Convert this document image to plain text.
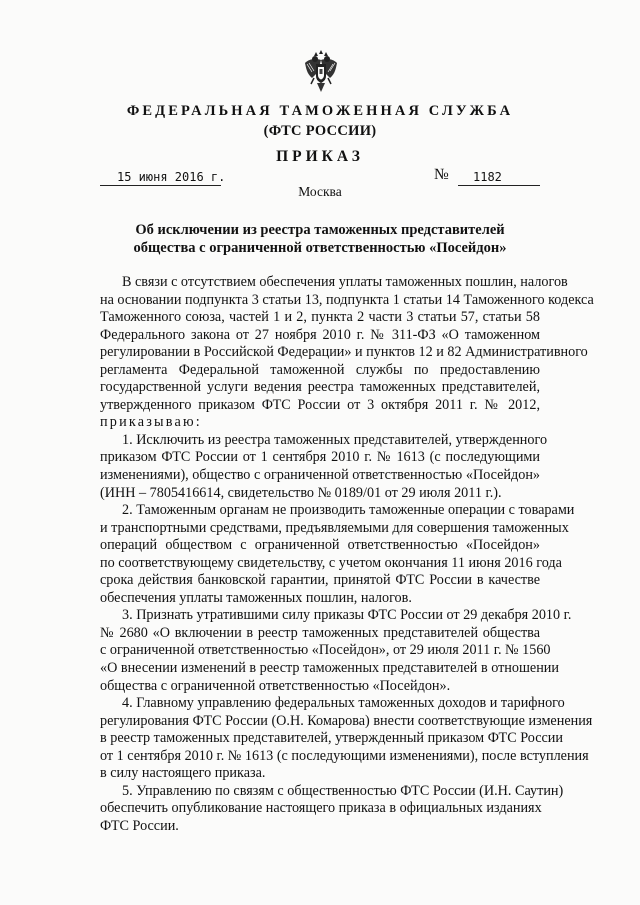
ФЕДЕРАЛЬНАЯ ТАМОЖЕННАЯ СЛУЖБА
(ФТС РОССИИ)
ПРИКАЗ
15 июня 2016 г.	№ 1182
Москва
Об исключении из реестра таможенных представителей
общества с ограниченной ответственностью «Посейдон»
В связи с отсутствием обеспечения уплаты таможенных пошлин, налогов
на основании подпункта 3 статьи 13, подпункта 1 статьи 14 Таможенного кодекса
Таможенного союза, частей 1 и 2, пункта 2 части 3 статьи 57, статьи 58
Федерального закона от 27 ноября 2010 г. № 311-ФЗ «О таможенном
регулировании в Российской Федерации» и пунктов 12 и 82 Административного
регламента Федеральной таможенной службы по предоставлению
государственной услуги ведения реестра таможенных представителей,
утвержденного приказом ФТС России от 3 октября 2011 г. № 2012,
приказываю:
1. Исключить из реестра таможенных представителей, утвержденного
приказом ФТС России от 1 сентября 2010 г. № 1613 (с последующими
изменениями), общество с ограниченной ответственностью «Посейдон»
(ИНН – 7805416614, свидетельство № 0189/01 от 29 июля 2011 г.).
2. Таможенным органам не производить таможенные операции с товарами
и транспортными средствами, предъявляемыми для совершения таможенных
операций обществом с ограниченной ответственностью «Посейдон»
по соответствующему свидетельству, с учетом окончания 11 июня 2016 года
срока действия банковской гарантии, принятой ФТС России в качестве
обеспечения уплаты таможенных пошлин, налогов.
3. Признать утратившими силу приказы ФТС России от 29 декабря 2010 г.
№ 2680 «О включении в реестр таможенных представителей общества
с ограниченной ответственностью «Посейдон», от 29 июля 2011 г. № 1560
«О внесении изменений в реестр таможенных представителей в отношении
общества с ограниченной ответственностью «Посейдон».
4. Главному управлению федеральных таможенных доходов и тарифного
регулирования ФТС России (О.Н. Комарова) внести соответствующие изменения
в реестр таможенных представителей, утвержденный приказом ФТС России
от 1 сентября 2010 г. № 1613 (с последующими изменениями), после вступления
в силу настоящего приказа.
5. Управлению по связям с общественностью ФТС России (И.Н. Саутин)
обеспечить опубликование настоящего приказа в официальных изданиях
ФТС России.
